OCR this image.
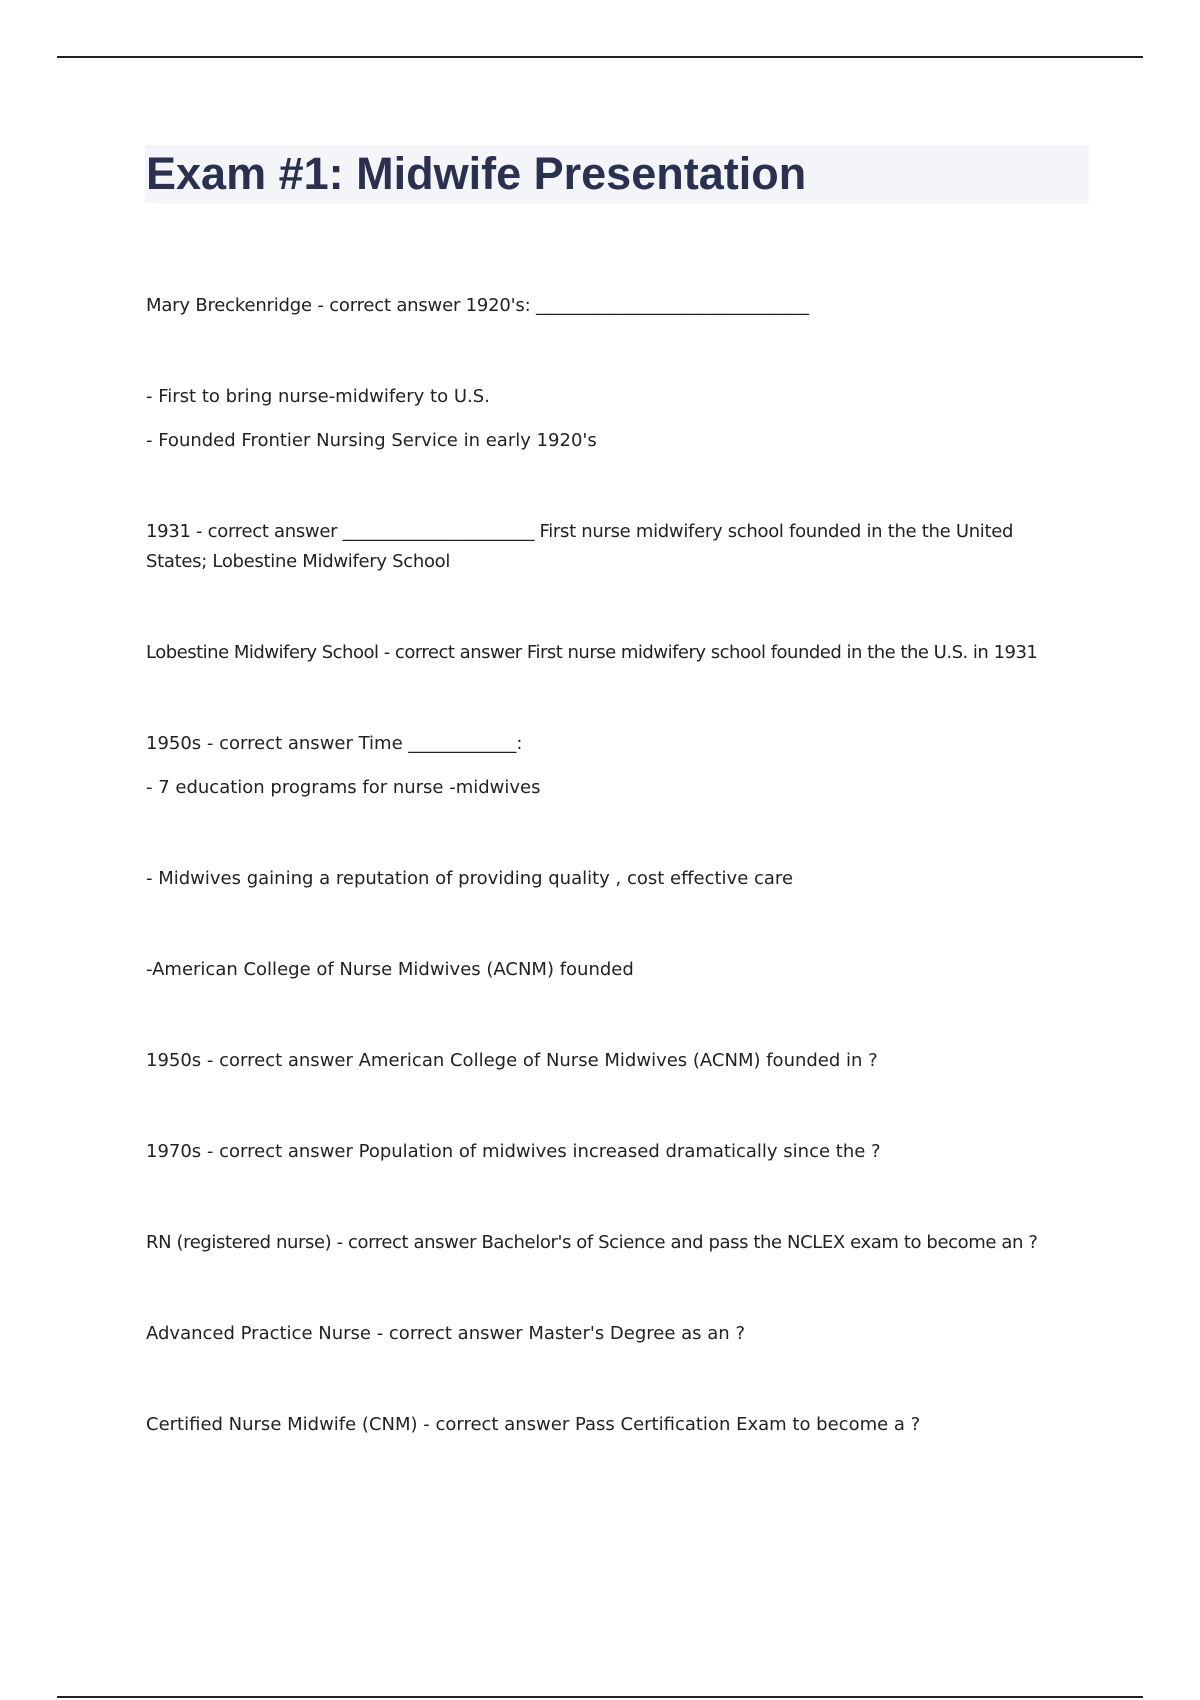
Exam #1: Midwife Presentation

Mary Breckenridge - correct answer 1920's: _______________________________

- First to bring nurse-midwifery to U.S.

- Founded Frontier Nursing Service in early 1920's

1931 - correct answer ______________________ First nurse midwifery school founded in the the United States; Lobestine Midwifery School

Lobestine Midwifery School - correct answer First nurse midwifery school founded in the the U.S. in 1931

1950s - correct answer Time ____________:

- 7 education programs for nurse -midwives

- Midwives gaining a reputation of providing quality , cost effective care

-American College of Nurse Midwives (ACNM) founded

1950s - correct answer American College of Nurse Midwives (ACNM) founded in ?

1970s - correct answer Population of midwives increased dramatically since the ?

RN (registered nurse) - correct answer Bachelor's of Science and pass the NCLEX exam to become an ?

Advanced Practice Nurse - correct answer Master's Degree as an ?

Certified Nurse Midwife (CNM) - correct answer Pass Certification Exam to become a ?
